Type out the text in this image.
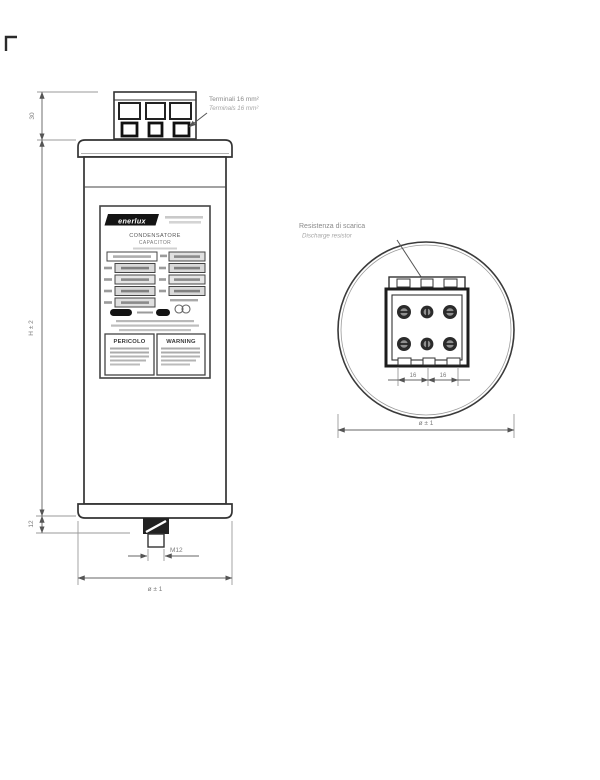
Terminali 16 mm²
Terminals 16 mm²
enerlux
CONDENSATORE
CAPACITOR
PERICOLO	WARNING
30
H ± 2
12
M12
ø ± 1
Resistenza di scarica
Discharge resistor
16	16
ø ± 1
